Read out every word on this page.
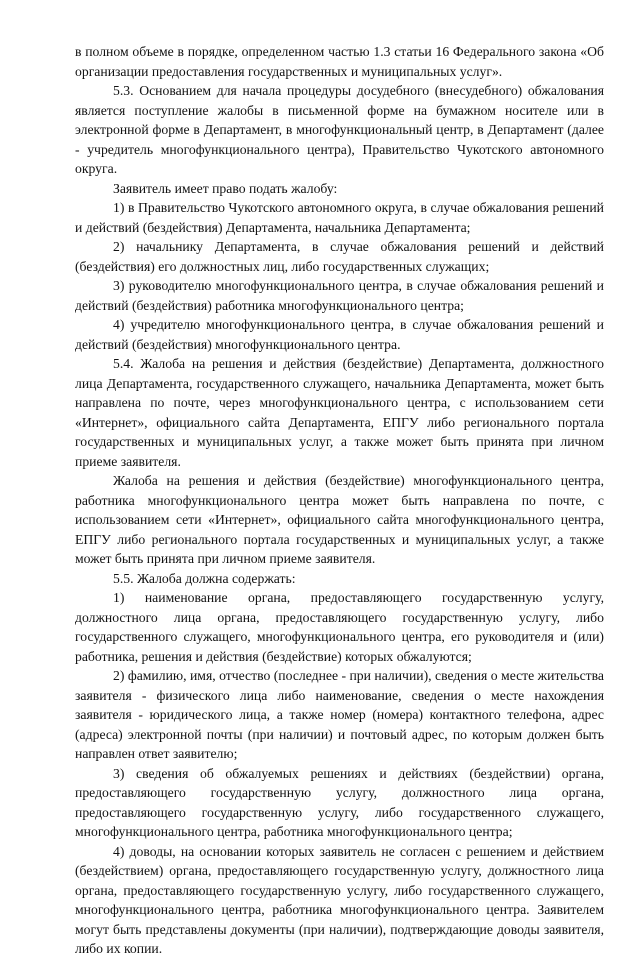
в полном объеме в порядке, определенном частью 1.3 статьи 16 Федерального закона «Об организации предоставления государственных и муниципальных услуг».

5.3. Основанием для начала процедуры досудебного (внесудебного) обжалования является поступление жалобы в письменной форме на бумажном носителе или в электронной форме в Департамент, в многофункциональный центр, в Департамент (далее - учредитель многофункционального центра), Правительство Чукотского автономного округа.

Заявитель имеет право подать жалобу:

1) в Правительство Чукотского автономного округа, в случае обжалования решений и действий (бездействия) Департамента, начальника Департамента;

2) начальнику Департамента, в случае обжалования решений и действий (бездействия) его должностных лиц, либо государственных служащих;

3) руководителю многофункционального центра, в случае обжалования решений и действий (бездействия) работника многофункционального центра;

4) учредителю многофункционального центра, в случае обжалования решений и действий (бездействия) многофункционального центра.

5.4. Жалоба на решения и действия (бездействие) Департамента, должностного лица Департамента, государственного служащего, начальника Департамента, может быть направлена по почте, через многофункционального центра, с использованием сети «Интернет», официального сайта Департамента, ЕПГУ либо регионального портала государственных и муниципальных услуг, а также может быть принята при личном приеме заявителя.

Жалоба на решения и действия (бездействие) многофункционального центра, работника многофункционального центра может быть направлена по почте, с использованием сети «Интернет», официального сайта многофункционального центра, ЕПГУ либо регионального портала государственных и муниципальных услуг, а также может быть принята при личном приеме заявителя.

5.5. Жалоба должна содержать:

1) наименование органа, предоставляющего государственную услугу, должностного лица органа, предоставляющего государственную услугу, либо государственного служащего, многофункционального центра, его руководителя и (или) работника, решения и действия (бездействие) которых обжалуются;

2) фамилию, имя, отчество (последнее - при наличии), сведения о месте жительства заявителя - физического лица либо наименование, сведения о месте нахождения заявителя - юридического лица, а также номер (номера) контактного телефона, адрес (адреса) электронной почты (при наличии) и почтовый адрес, по которым должен быть направлен ответ заявителю;

3) сведения об обжалуемых решениях и действиях (бездействии) органа, предоставляющего государственную услугу, должностного лица органа, предоставляющего государственную услугу, либо государственного служащего, многофункционального центра, работника многофункционального центра;

4) доводы, на основании которых заявитель не согласен с решением и действием (бездействием) органа, предоставляющего государственную услугу, должностного лица органа, предоставляющего государственную услугу, либо государственного служащего, многофункционального центра, работника многофункционального центра. Заявителем могут быть представлены документы (при наличии), подтверждающие доводы заявителя, либо их копии.
